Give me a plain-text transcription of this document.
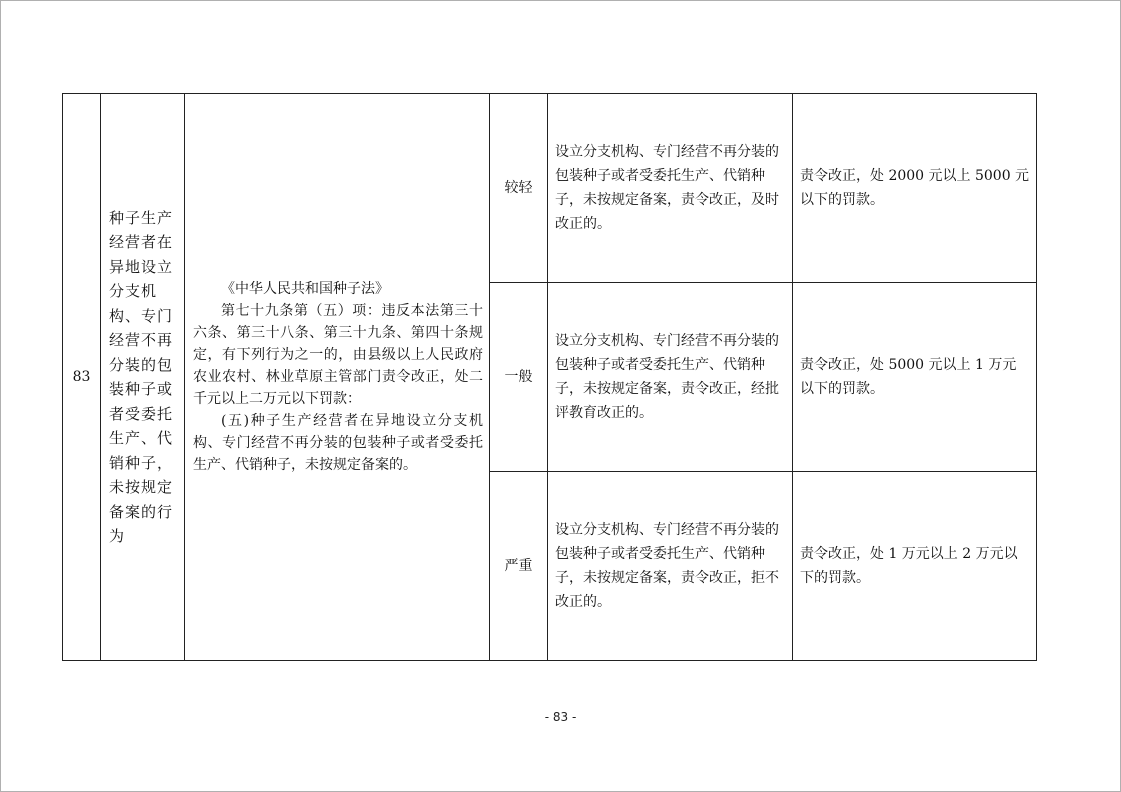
83	种子生产经营者在异地设立分支机构、专门经营不再分装的包装种子或者受委托生产、代销种子，未按规定备案的行为	《中华人民共和国种子法》
第七十九条第（五）项：违反本法第三十六条、第三十八条、第三十九条、第四十条规定，有下列行为之一的，由县级以上人民政府农业农村、林业草原主管部门责令改正，处二千元以上二万元以下罚款：
(五)种子生产经营者在异地设立分支机构、专门经营不再分装的包装种子或者受委托生产、代销种子，未按规定备案的。	较轻	设立分支机构、专门经营不再分装的包装种子或者受委托生产、代销种子，未按规定备案，责令改正，及时改正的。	责令改正，处 2000 元以上 5000 元以下的罚款。

			一般	设立分支机构、专门经营不再分装的包装种子或者受委托生产、代销种子，未按规定备案，责令改正，经批评教育改正的。	责令改正，处 5000 元以上 1 万元以下的罚款。

			严重	设立分支机构、专门经营不再分装的包装种子或者受委托生产、代销种子，未按规定备案，责令改正，拒不改正的。	责令改正，处 1 万元以上 2 万元以下的罚款。
- 83 -
